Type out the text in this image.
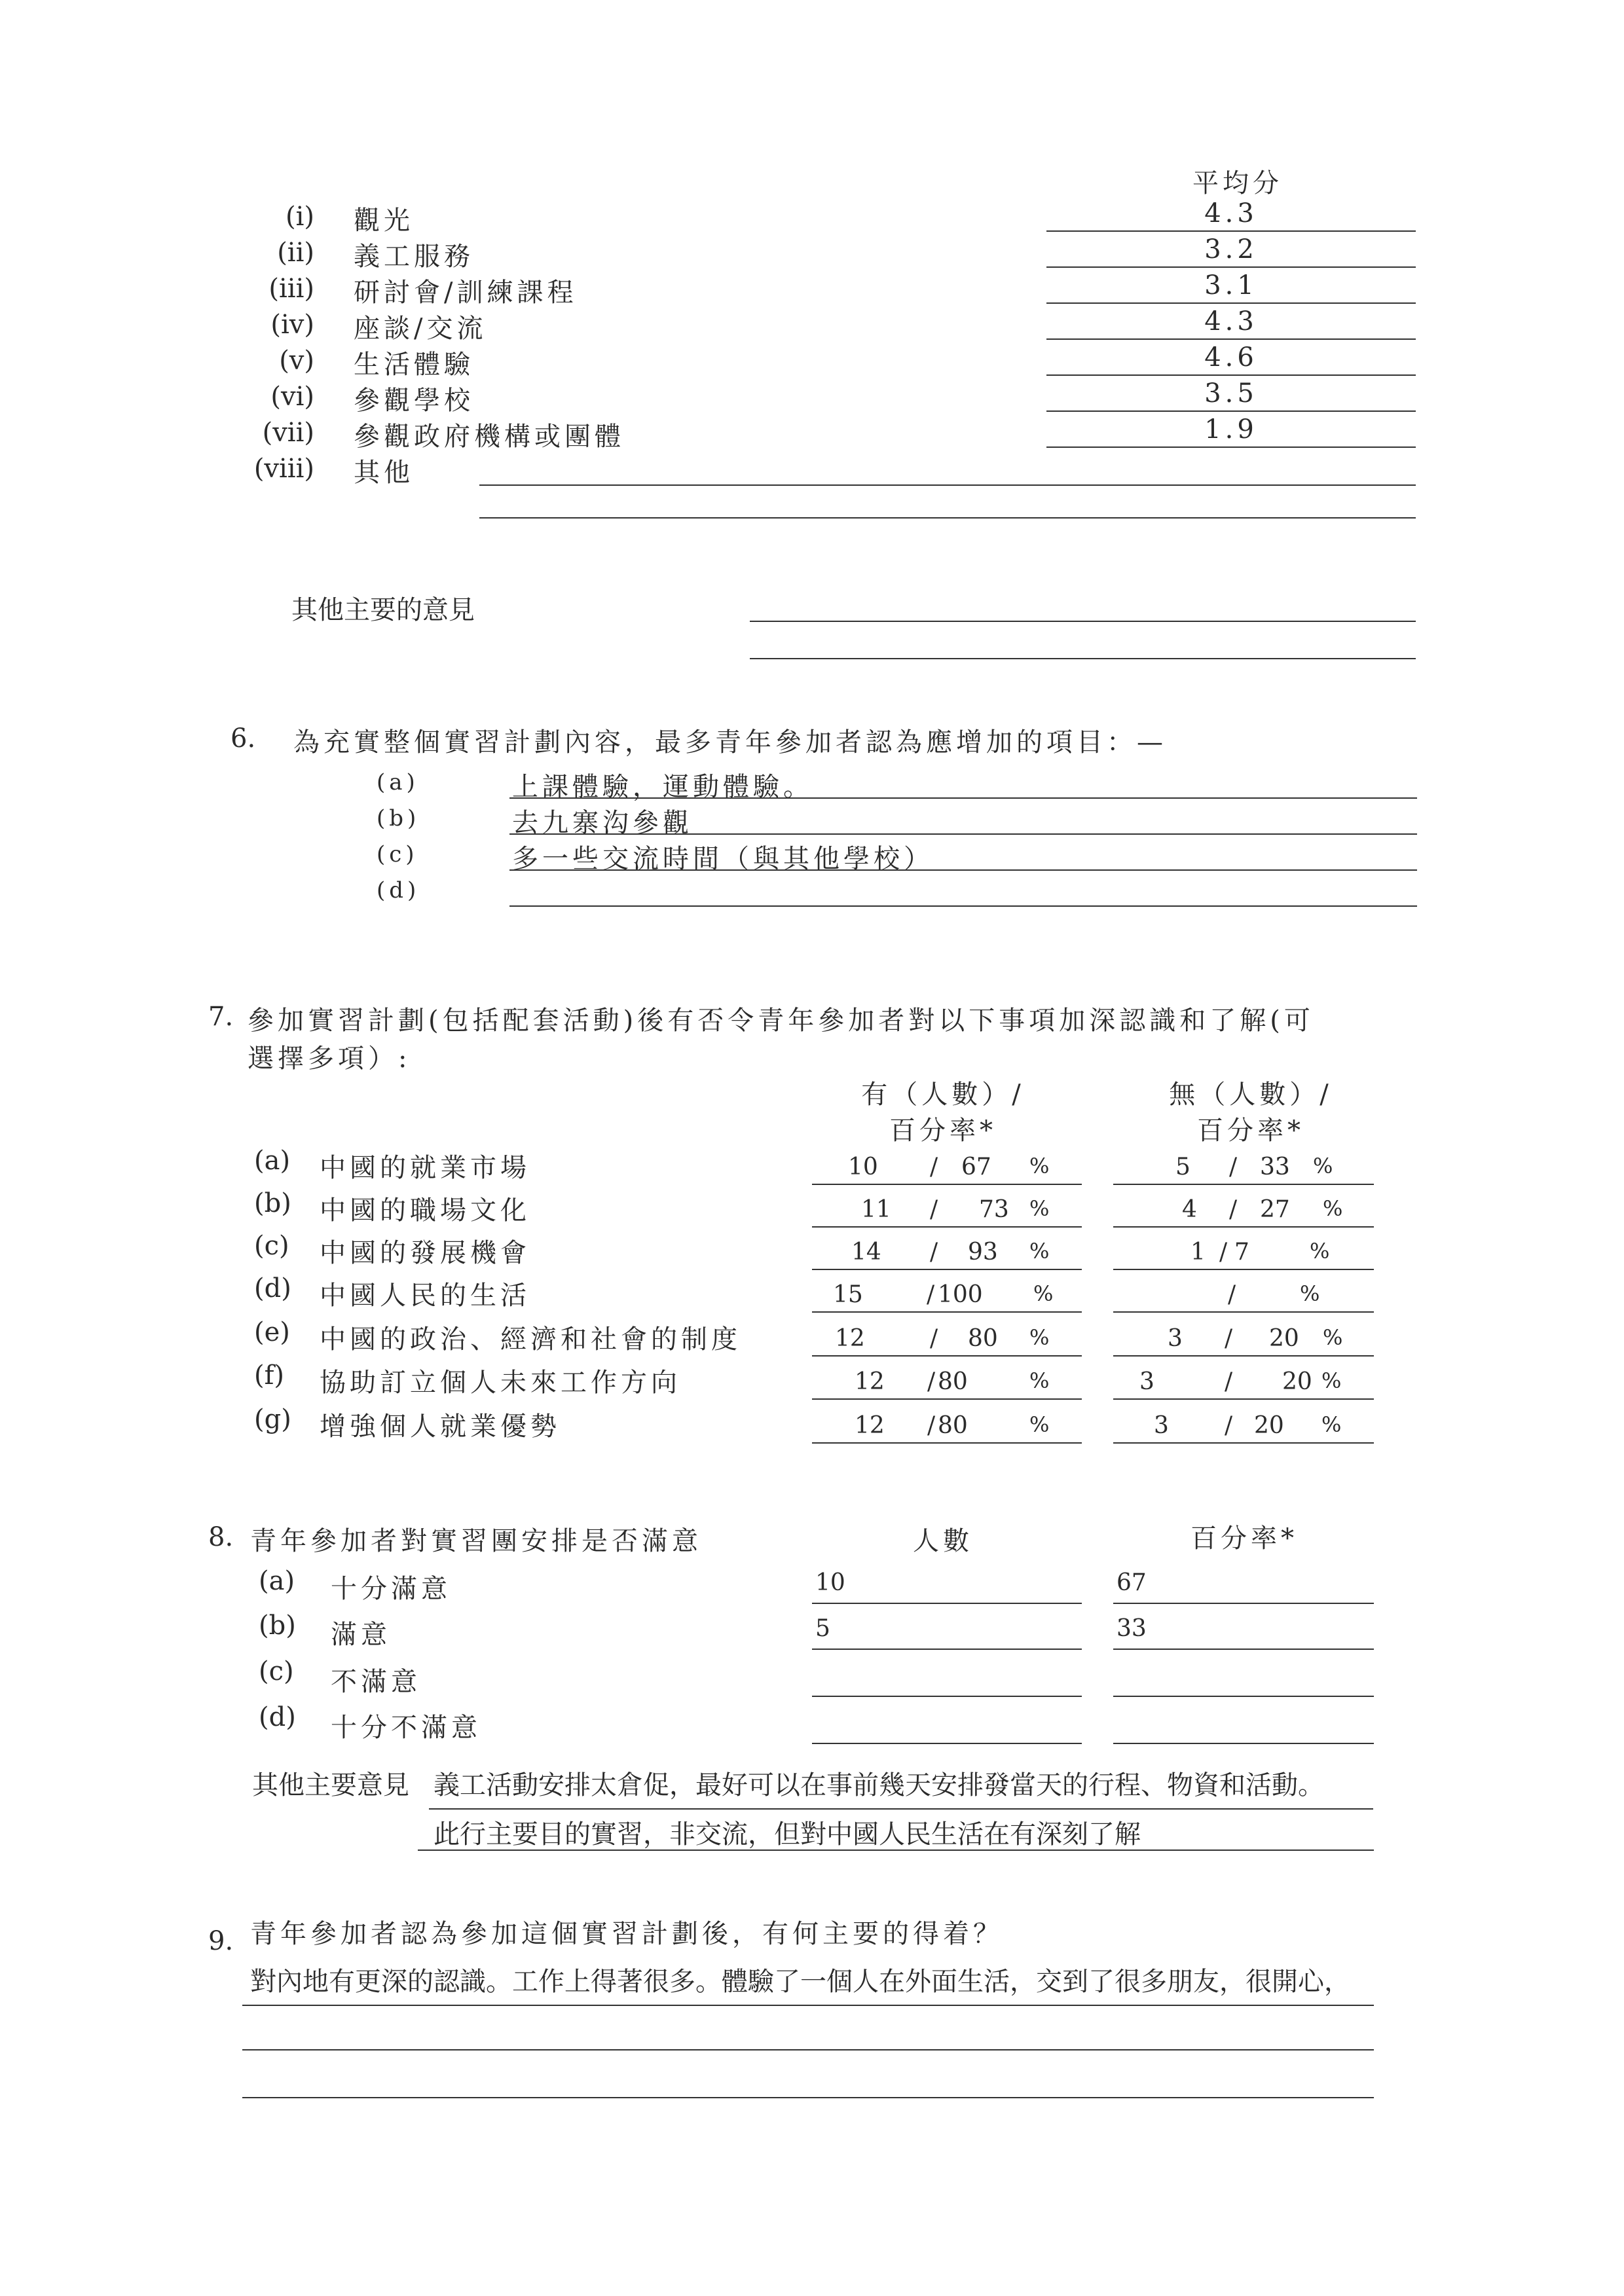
平均分
(i) 觀光	4.3
(ii) 義工服務	3.2
(iii) 研討會/訓練課程	3.1
(iv) 座談/交流	4.3
(v) 生活體驗	4.6
(vi) 參觀學校	3.5
(vii) 參觀政府機構或團體	1.9
(viii) 其他
其他主要的意見
6. 為充實整個實習計劃內容，最多青年參加者認為應增加的項目：—
(a)	上課體驗，運動體驗。
(b)	去九寨沟參觀
(c)	多一些交流時間（與其他學校）
(d)
7. 參加實習計劃(包括配套活動)後有否令青年參加者對以下事項加深認識和了解(可
選擇多項）:
有（人數）/
百分率*
無（人數）/
百分率*
(a) 中國的就業市場	10 / 67 %	5 / 33 %
(b) 中國的職場文化	11 / 73 %	4 / 27 %
(c) 中國的發展機會	14 / 93 %	1 / 7	%
(d) 中國人民的生活	15	/ 100 %	/	%
(e) 中國的政治、經濟和社會的制度	12	/ 80 %	3 / 20 %
(f) 協助訂立個人未來工作方向	12 / 80	%	3	/ 20 %
(g) 增強個人就業優勢	12 / 80	%	3 / 20 %
8. 青年參加者對實習團安排是否滿意	人數	百分率*
(a) 十分滿意	10	67
(b) 滿意	5	33
(c) 不滿意
(d) 十分不滿意
其他主要意見 義工活動安排太倉促，最好可以在事前幾天安排發當天的行程、物資和活動。
此行主要目的實習，非交流，但對中國人民生活在有深刻了解
9. 青年參加者認為參加這個實習計劃後，有何主要的得着？
對內地有更深的認識。工作上得著很多。體驗了一個人在外面生活，交到了很多朋友，很開心，
